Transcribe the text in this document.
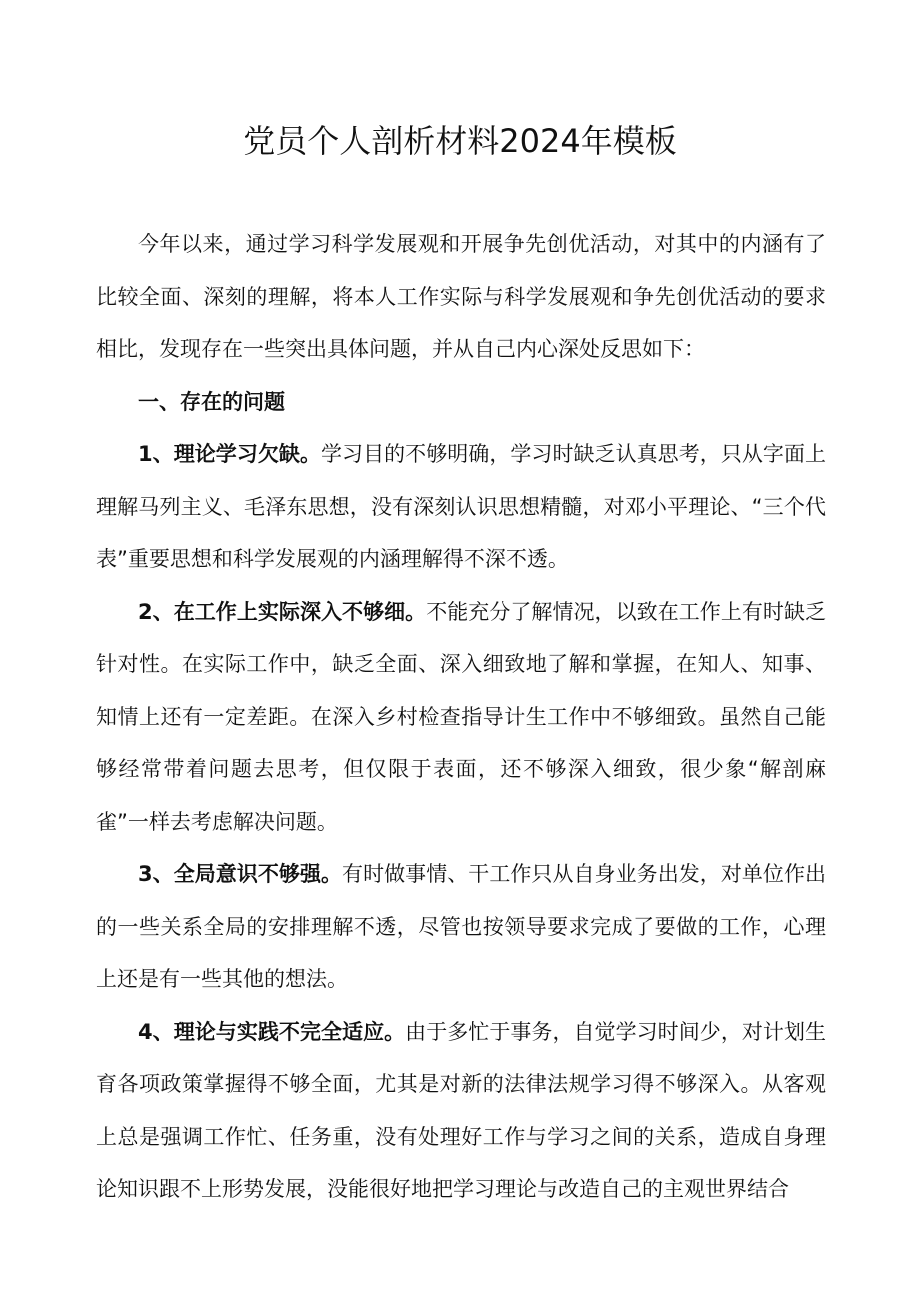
党员个人剖析材料2024年模板

今年以来，通过学习科学发展观和开展争先创优活动，对其中的内涵有了比较全面、深刻的理解，将本人工作实际与科学发展观和争先创优活动的要求相比，发现存在一些突出具体问题，并从自己内心深处反思如下：

一、存在的问题

1、理论学习欠缺。学习目的不够明确，学习时缺乏认真思考，只从字面上理解马列主义、毛泽东思想，没有深刻认识思想精髓，对邓小平理论、“三个代表”重要思想和科学发展观的内涵理解得不深不透。

2、在工作上实际深入不够细。不能充分了解情况，以致在工作上有时缺乏针对性。在实际工作中，缺乏全面、深入细致地了解和掌握，在知人、知事、知情上还有一定差距。在深入乡村检查指导计生工作中不够细致。虽然自己能够经常带着问题去思考，但仅限于表面，还不够深入细致，很少象“解剖麻雀”一样去考虑解决问题。

3、全局意识不够强。有时做事情、干工作只从自身业务出发，对单位作出的一些关系全局的安排理解不透，尽管也按领导要求完成了要做的工作，心理上还是有一些其他的想法。

4、理论与实践不完全适应。由于多忙于事务，自觉学习时间少，对计划生育各项政策掌握得不够全面，尤其是对新的法律法规学习得不够深入。从客观上总是强调工作忙、任务重，没有处理好工作与学习之间的关系，造成自身理论知识跟不上形势发展，没能很好地把学习理论与改造自己的主观世界结合
